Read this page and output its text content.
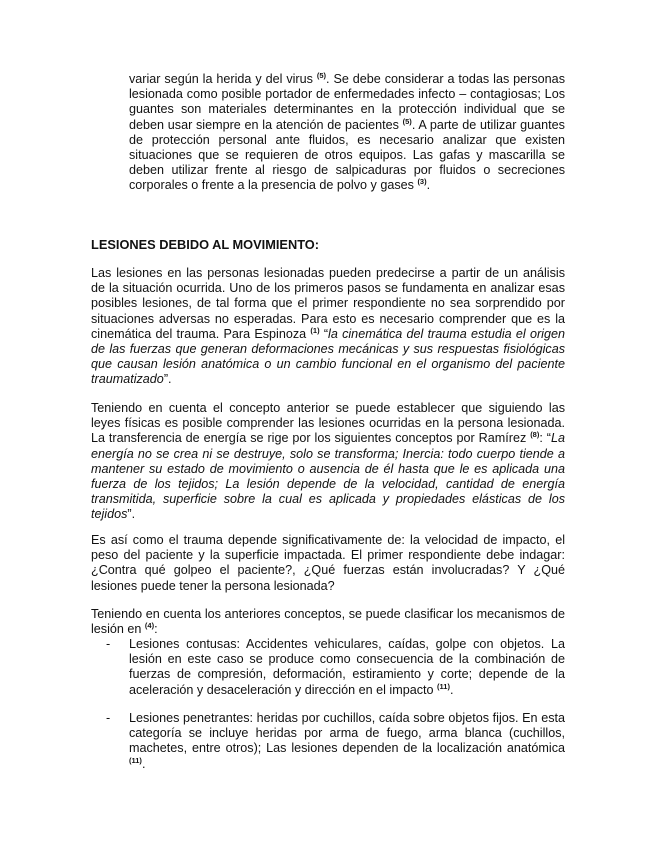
variar según la herida y del virus $^{(5)}$. Se debe considerar a todas las personas lesionada como posible portador de enfermedades infecto – contagiosas; Los guantes son materiales determinantes en la protección individual que se deben usar siempre en la atención de pacientes $^{(5)}$. A parte de utilizar guantes de protección personal ante fluidos, es necesario analizar que existen situaciones que se requieren de otros equipos. Las gafas y mascarilla se deben utilizar frente al riesgo de salpicaduras por fluidos o secreciones corporales o frente a la presencia de polvo y gases $^{(3)}$.

LESIONES DEBIDO AL MOVIMIENTO:

Las lesiones en las personas lesionadas pueden predecirse a partir de un análisis de la situación ocurrida. Uno de los primeros pasos se fundamenta en analizar esas posibles lesiones, de tal forma que el primer respondiente no sea sorprendido por situaciones adversas no esperadas. Para esto es necesario comprender que es la cinemática del trauma. Para Espinoza $^{(1)}$ “la cinemática del trauma estudia el origen de las fuerzas que generan deformaciones mecánicas y sus respuestas fisiológicas que causan lesión anatómica o un cambio funcional en el organismo del paciente traumatizado”.

Teniendo en cuenta el concepto anterior se puede establecer que siguiendo las leyes físicas es posible comprender las lesiones ocurridas en la persona lesionada. La transferencia de energía se rige por los siguientes conceptos por Ramírez $^{(8)}$: “La energía no se crea ni se destruye, solo se transforma; Inercia: todo cuerpo tiende a mantener su estado de movimiento o ausencia de él hasta que le es aplicada una fuerza de los tejidos; La lesión depende de la velocidad, cantidad de energía transmitida, superficie sobre la cual es aplicada y propiedades elásticas de los tejidos”.

Es así como el trauma depende significativamente de: la velocidad de impacto, el peso del paciente y la superficie impactada. El primer respondiente debe indagar: ¿Contra qué golpeo el paciente?, ¿Qué fuerzas están involucradas? Y ¿Qué lesiones puede tener la persona lesionada?

Teniendo en cuenta los anteriores conceptos, se puede clasificar los mecanismos de lesión en $^{(4)}$:

- Lesiones contusas: Accidentes vehiculares, caídas, golpe con objetos. La lesión en este caso se produce como consecuencia de la combinación de fuerzas de compresión, deformación, estiramiento y corte; depende de la aceleración y desaceleración y dirección en el impacto $^{(11)}$.

- Lesiones penetrantes: heridas por cuchillos, caída sobre objetos fijos. En esta categoría se incluye heridas por arma de fuego, arma blanca (cuchillos, machetes, entre otros); Las lesiones dependen de la localización anatómica $^{(11)}$.
